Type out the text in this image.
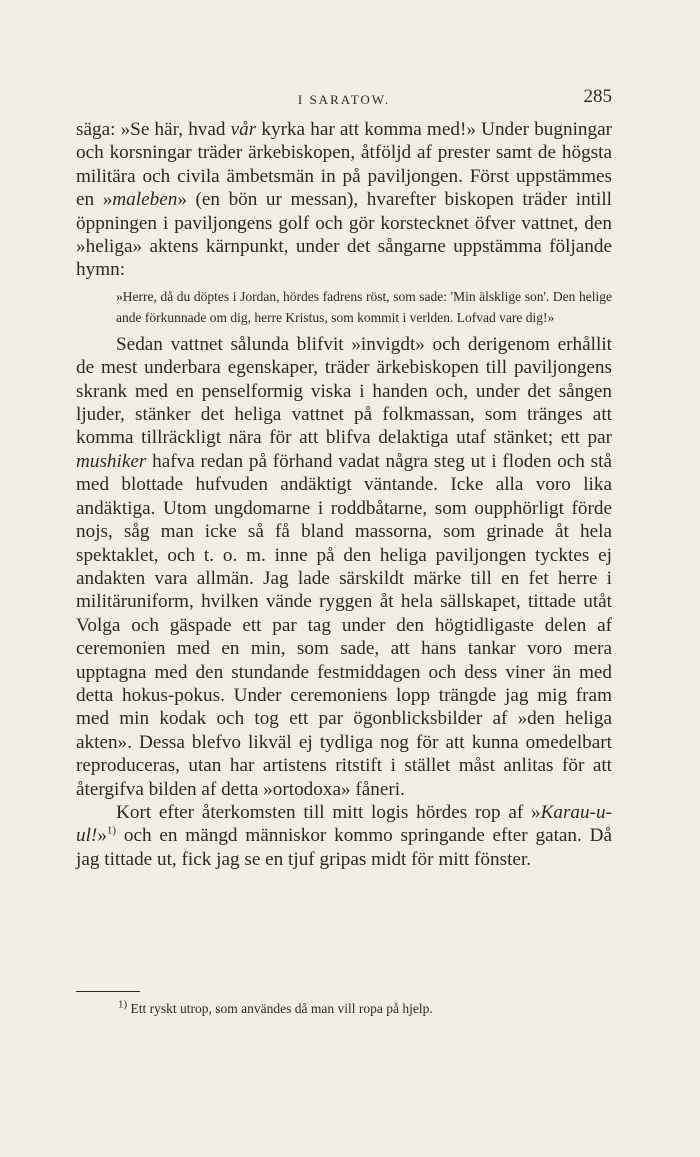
I SARATOW.	285

säga: »Se här, hvad vår kyrka har att komma med!» Under bugningar och korsningar träder ärkebiskopen, åtföljd af prester samt de högsta militära och civila ämbetsmän in på paviljongen. Först uppstämmes en »maleben» (en bön ur messan), hvarefter biskopen träder intill öppningen i paviljongens golf och gör korstecknet öfver vattnet, den »heliga» aktens kärnpunkt, under det sångarne uppstämma följande hymn:

»Herre, då du döptes i Jordan, hördes fadrens röst, som sade: 'Min älsklige son'. Den helige ande förkunnade om dig, herre Kristus, som kommit i verlden. Lofvad vare dig!»

Sedan vattnet sålunda blifvit »invigdt» och derigenom erhållit de mest underbara egenskaper, träder ärkebiskopen till paviljongens skrank med en penselformig viska i handen och, under det sången ljuder, stänker det heliga vattnet på folkmassan, som tränges att komma tillräckligt nära för att blifva delaktiga utaf stänket; ett par mushiker hafva redan på förhand vadat några steg ut i floden och stå med blottade hufvuden andäktigt väntande. Icke alla voro lika andäktiga. Utom ungdomarne i roddbåtarne, som oupphörligt förde nojs, såg man icke så få bland massorna, som grinade åt hela spektaklet, och t. o. m. inne på den heliga paviljongen tycktes ej andakten vara allmän. Jag lade särskildt märke till en fet herre i militäruniform, hvilken vände ryggen åt hela sällskapet, tittade utåt Volga och gäspade ett par tag under den högtidligaste delen af ceremonien med en min, som sade, att hans tankar voro mera upptagna med den stundande festmiddagen och dess viner än med detta hokus-pokus. Under ceremoniens lopp trängde jag mig fram med min kodak och tog ett par ögonblicksbilder af »den heliga akten». Dessa blefvo likväl ej tydliga nog för att kunna omedelbart reproduceras, utan har artistens ritstift i stället måst anlitas för att återgifva bilden af detta »ortodoxa» fåneri.

Kort efter återkomsten till mitt logis hördes rop af »Karau-u-ul!»$^{1)}$ och en mängd människor kommo springande efter gatan. Då jag tittade ut, fick jag se en tjuf gripas midt för mitt fönster.

$^{1)}$ Ett ryskt utrop, som användes då man vill ropa på hjelp.
